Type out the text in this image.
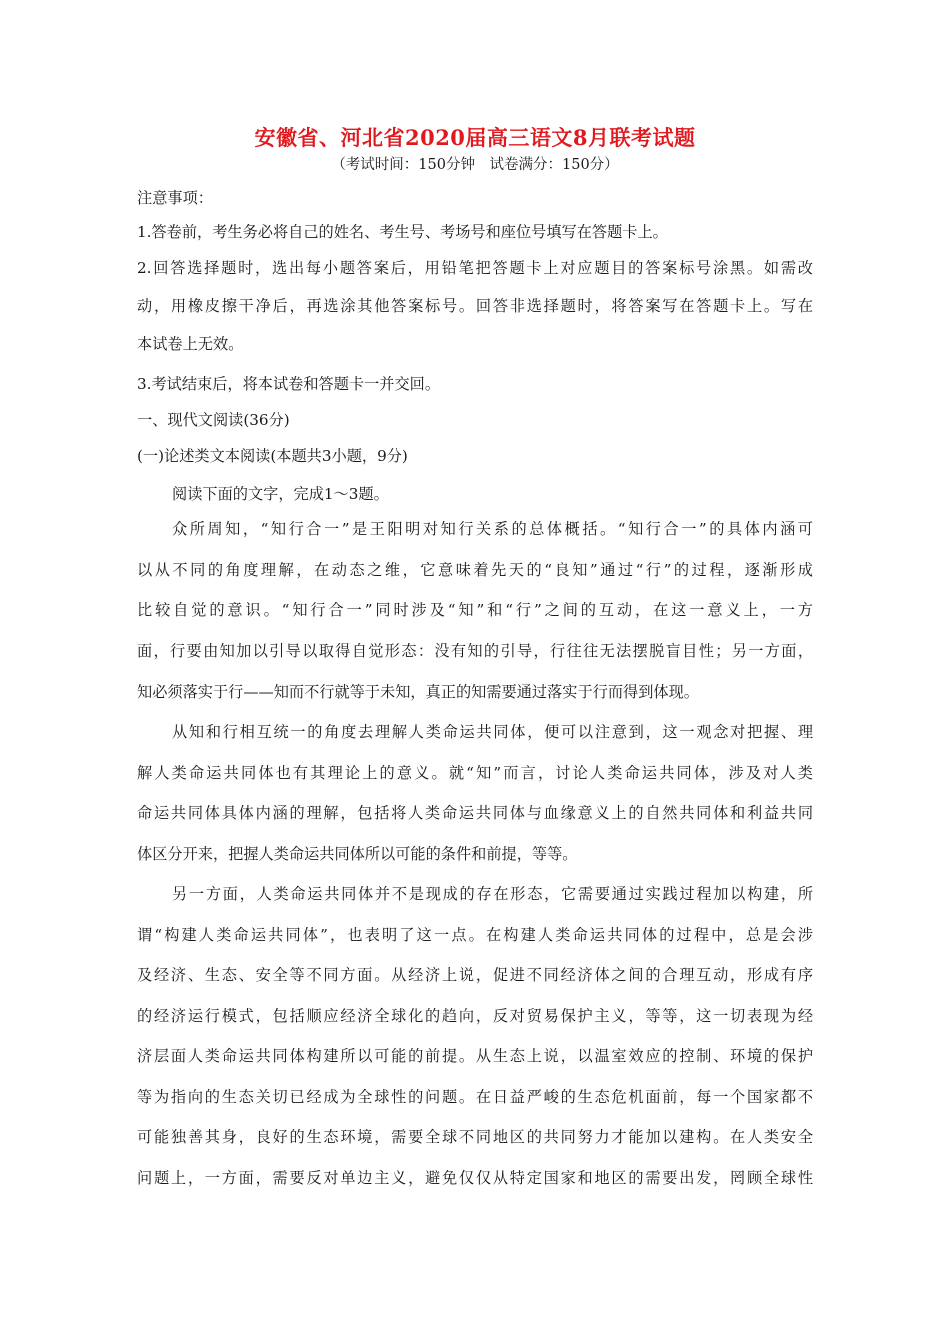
安徽省、河北省2020届高三语文8月联考试题
（考试时间：150分钟　试卷满分：150分）
注意事项：
1.答卷前，考生务必将自己的姓名、考生号、考场号和座位号填写在答题卡上。
2.回答选择题时，选出每小题答案后，用铅笔把答题卡上对应题目的答案标号涂黑。如需改
动，用橡皮擦干净后，再选涂其他答案标号。回答非选择题时，将答案写在答题卡上。写在
本试卷上无效。
3.考试结束后，将本试卷和答题卡一并交回。
一、现代文阅读(36分)
(一)论述类文本阅读(本题共3小题，9分)
阅读下面的文字，完成1～3题。
众所周知，“知行合一”是王阳明对知行关系的总体概括。“知行合一”的具体内涵可
以从不同的角度理解，在动态之维，它意味着先天的“良知”通过“行”的过程，逐渐形成
比较自觉的意识。“知行合一”同时涉及“知”和“行”之间的互动，在这一意义上，一方
面，行要由知加以引导以取得自觉形态：没有知的引导，行往往无法摆脱盲目性；另一方面，
知必须落实于行——知而不行就等于未知，真正的知需要通过落实于行而得到体现。
从知和行相互统一的角度去理解人类命运共同体，便可以注意到，这一观念对把握、理
解人类命运共同体也有其理论上的意义。就“知”而言，讨论人类命运共同体，涉及对人类
命运共同体具体内涵的理解，包括将人类命运共同体与血缘意义上的自然共同体和利益共同
体区分开来，把握人类命运共同体所以可能的条件和前提，等等。
另一方面，人类命运共同体并不是现成的存在形态，它需要通过实践过程加以构建，所
谓“构建人类命运共同体”，也表明了这一点。在构建人类命运共同体的过程中，总是会涉
及经济、生态、安全等不同方面。从经济上说，促进不同经济体之间的合理互动，形成有序
的经济运行模式，包括顺应经济全球化的趋向，反对贸易保护主义，等等，这一切表现为经
济层面人类命运共同体构建所以可能的前提。从生态上说，以温室效应的控制、环境的保护
等为指向的生态关切已经成为全球性的问题。在日益严峻的生态危机面前，每一个国家都不
可能独善其身，良好的生态环境，需要全球不同地区的共同努力才能加以建构。在人类安全
问题上，一方面，需要反对单边主义，避免仅仅从特定国家和地区的需要出发，罔顾全球性
